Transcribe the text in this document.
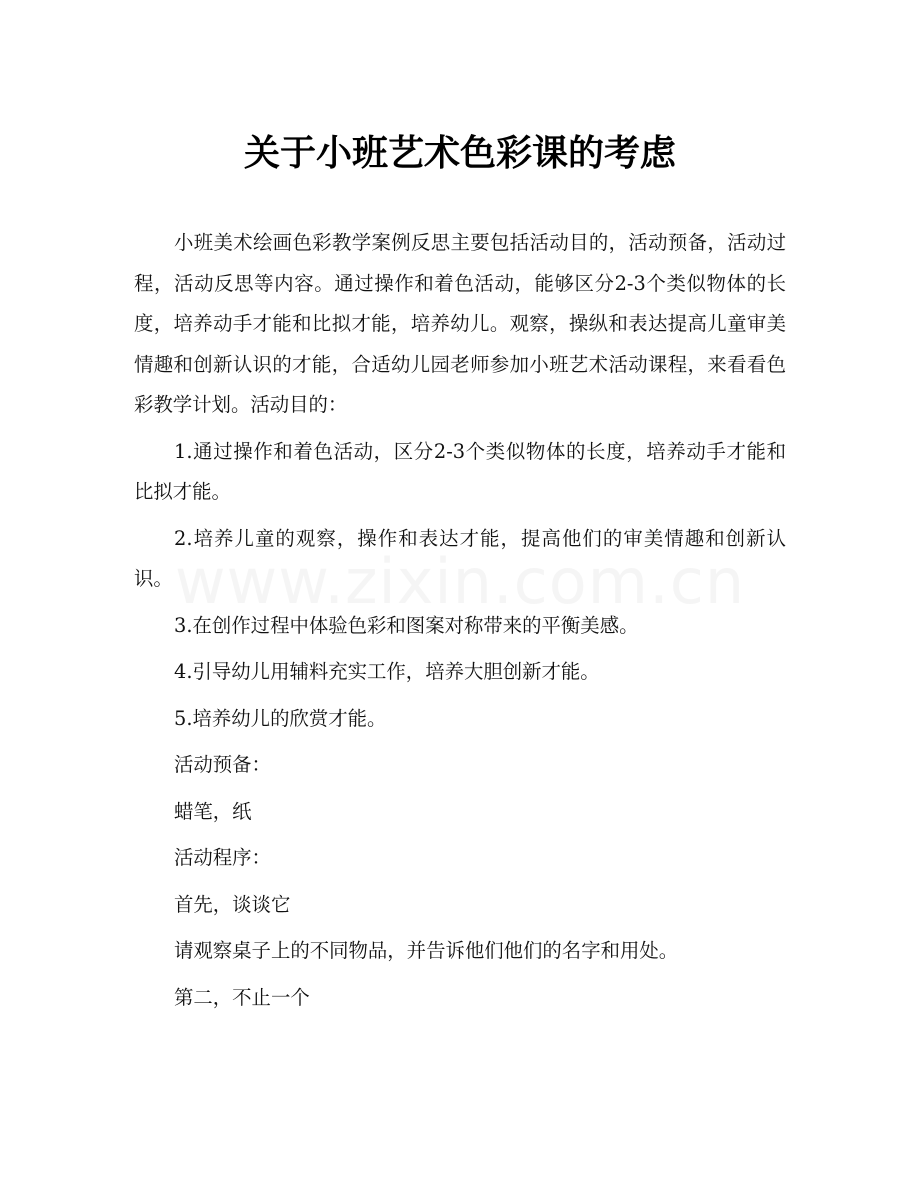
关于小班艺术色彩课的考虑
www.zixin.com.cn

小班美术绘画色彩教学案例反思主要包括活动目的，活动预备，活动过程，活动反思等内容。通过操作和着色活动，能够区分2-3个类似物体的长度，培养动手才能和比拟才能，培养幼儿。观察，操纵和表达提高儿童审美情趣和创新认识的才能，合适幼儿园老师参加小班艺术活动课程，来看看色彩教学计划。活动目的：

1.通过操作和着色活动，区分2-3个类似物体的长度，培养动手才能和比拟才能。

2.培养儿童的观察，操作和表达才能，提高他们的审美情趣和创新认识。

3.在创作过程中体验色彩和图案对称带来的平衡美感。

4.引导幼儿用辅料充实工作，培养大胆创新才能。

5.培养幼儿的欣赏才能。

活动预备：

蜡笔，纸

活动程序：

首先，谈谈它

请观察桌子上的不同物品，并告诉他们他们的名字和用处。

第二，不止一个
